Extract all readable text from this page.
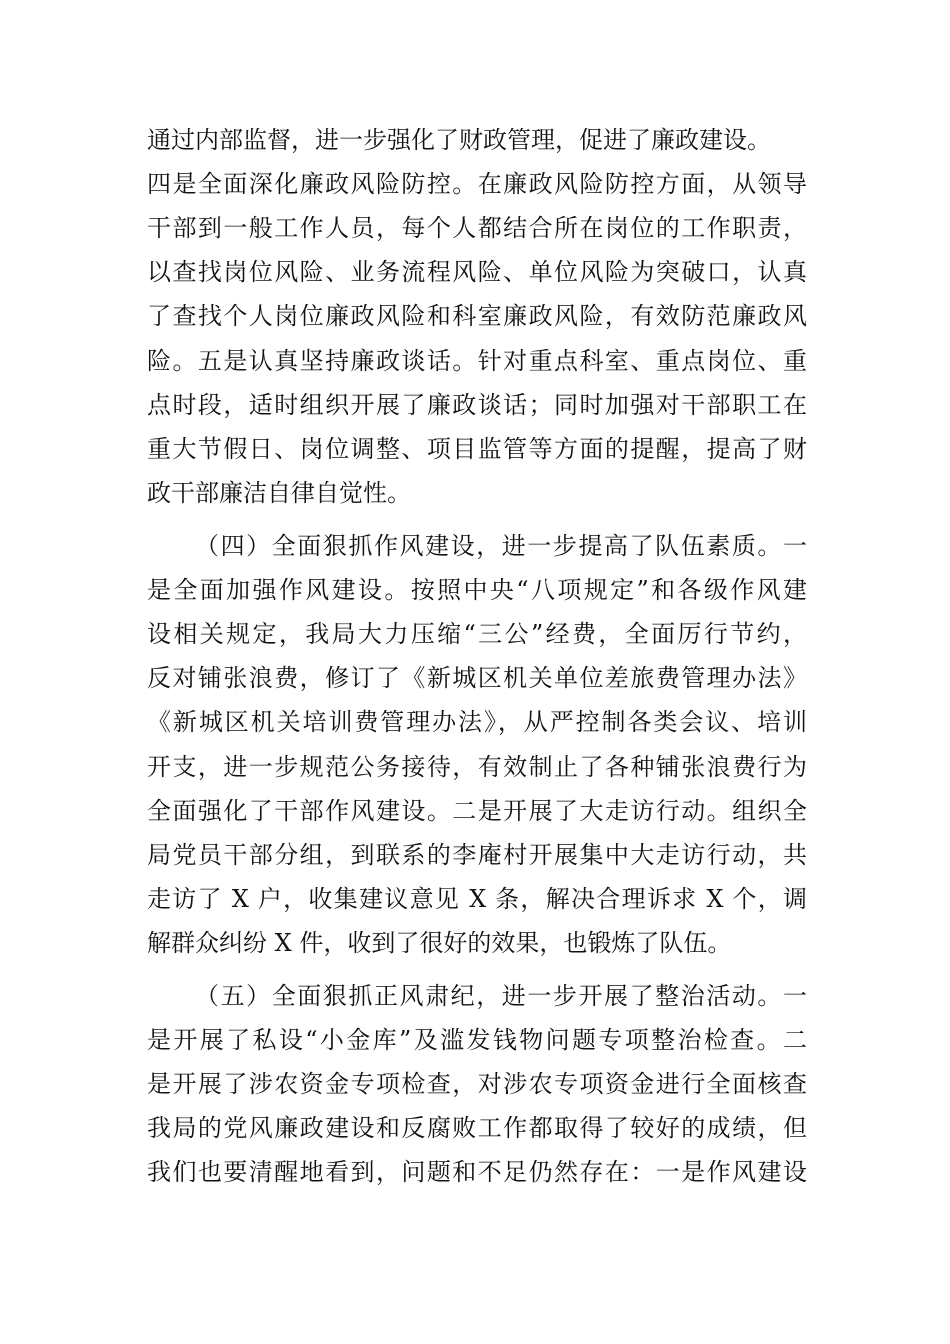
通过内部监督，进一步强化了财政管理，促进了廉政建设。
四是全面深化廉政风险防控。在廉政风险防控方面，从领导
干部到一般工作人员，每个人都结合所在岗位的工作职责，
以查找岗位风险、业务流程风险、单位风险为突破口，认真
了查找个人岗位廉政风险和科室廉政风险，有效防范廉政风
险。五是认真坚持廉政谈话。针对重点科室、重点岗位、重
点时段，适时组织开展了廉政谈话；同时加强对干部职工在
重大节假日、岗位调整、项目监管等方面的提醒，提高了财
政干部廉洁自律自觉性。
（四）全面狠抓作风建设，进一步提高了队伍素质。一
是全面加强作风建设。按照中央“八项规定”和各级作风建
设相关规定，我局大力压缩“三公”经费，全面厉行节约，
反对铺张浪费，修订了《新城区机关单位差旅费管理办法》
《新城区机关培训费管理办法》，从严控制各类会议、培训
开支，进一步规范公务接待，有效制止了各种铺张浪费行为
全面强化了干部作风建设。二是开展了大走访行动。组织全
局党员干部分组，到联系的李庵村开展集中大走访行动，共
走访了 X 户，收集建议意见 X 条，解决合理诉求 X 个，调
解群众纠纷 X 件，收到了很好的效果，也锻炼了队伍。
（五）全面狠抓正风肃纪，进一步开展了整治活动。一
是开展了私设“小金库”及滥发钱物问题专项整治检查。二
是开展了涉农资金专项检查，对涉农专项资金进行全面核查
我局的党风廉政建设和反腐败工作都取得了较好的成绩，但
我们也要清醒地看到，问题和不足仍然存在：一是作风建设
